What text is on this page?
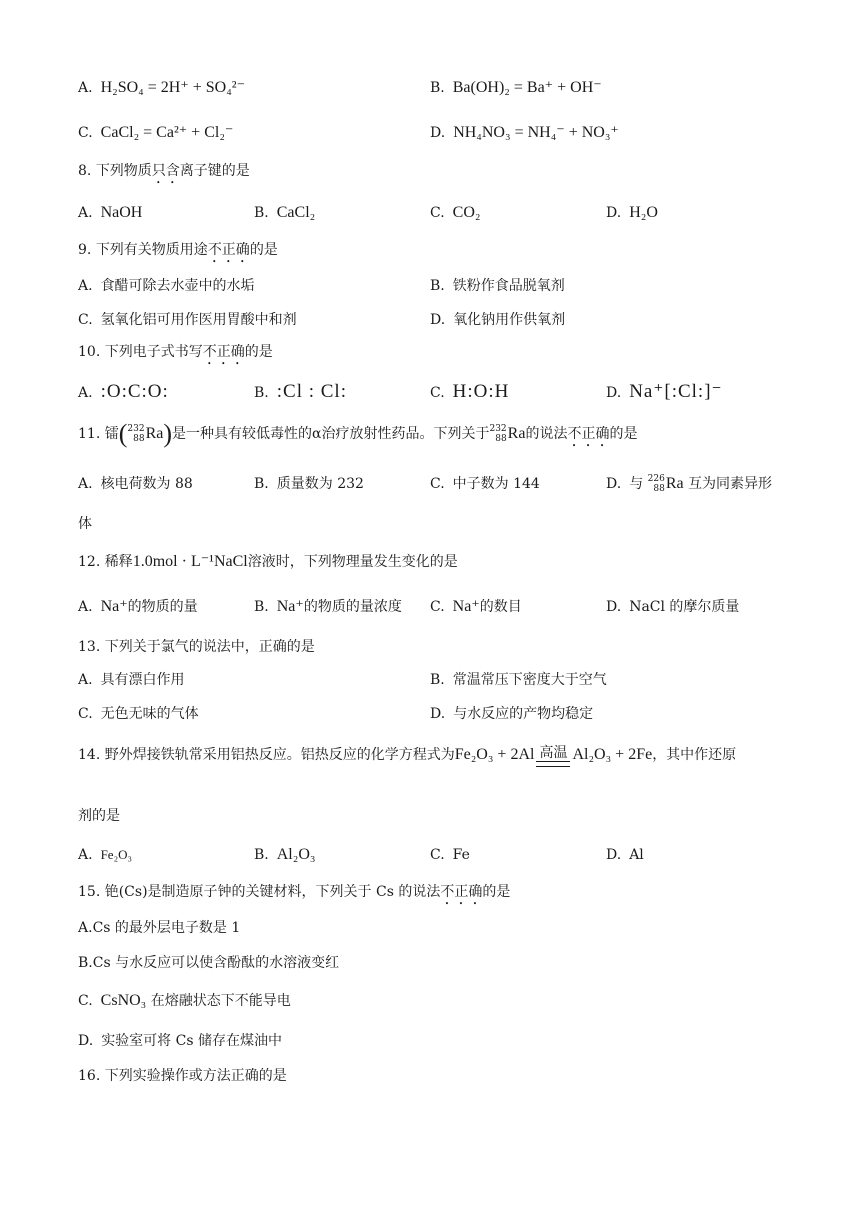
A. H₂SO₄ = 2H⁺ + SO₄²⁻	B. Ba(OH)₂ = Ba⁺ + OH⁻
C. CaCl₂ = Ca²⁺ + Cl₂⁻	D. NH₄NO₃ = NH₄⁻ + NO₃⁺
8. 下列物质只含离子键的是
A. NaOH	B. CaCl₂	C. CO₂	D. H₂O
9. 下列有关物质用途不正确的是
A. 食醋可除去水壶中的水垢	B. 铁粉作食品脱氧剂
C. 氢氧化铝可用作医用胃酸中和剂	D. 氧化钠用作供氧剂
10. 下列电子式书写不正确的是
A. :O:C:O:	B. :Cl : Cl:	C. H:O:H	D. Na⁺[:Cl:]⁻
11. 镭( 232
88 Ra )是一种具有较低毒性的α治疗放射性药品。下列关于 232
88 Ra 的说法不正确的是
A. 核电荷数为 88	B. 质量数为 232	C. 中子数为 144	D. 与 226
88 Ra 互为同素异形
体
12. 稀释1.0mol · L⁻¹NaCl溶液时，下列物理量发生变化的是
A. Na⁺的物质的量	B. Na⁺的物质的量浓度 C. Na⁺的数目	D. NaCl 的摩尔质量
13. 下列关于氯气的说法中，正确的是
A. 具有漂白作用	B. 常温常压下密度大于空气
C. 无色无味的气体	D. 与水反应的产物均稳定
14. 野外焊接铁轨常采用铝热反应。铝热反应的化学方程式为Fe₂O₃ + 2Al 高温 Al₂O₃ + 2Fe，其中作还原
剂的是
A. Fe₂O₃	B. Al₂O₃	C. Fe	D. Al
15. 铯(Cs)是制造原子钟的关键材料，下列关于 Cs 的说法不正确的是
A.Cs 的最外层电子数是 1
B.Cs 与水反应可以使含酚酞的水溶液变红
C. CsNO₃ 在熔融状态下不能导电
D. 实验室可将 Cs 储存在煤油中
16. 下列实验操作或方法正确的是
